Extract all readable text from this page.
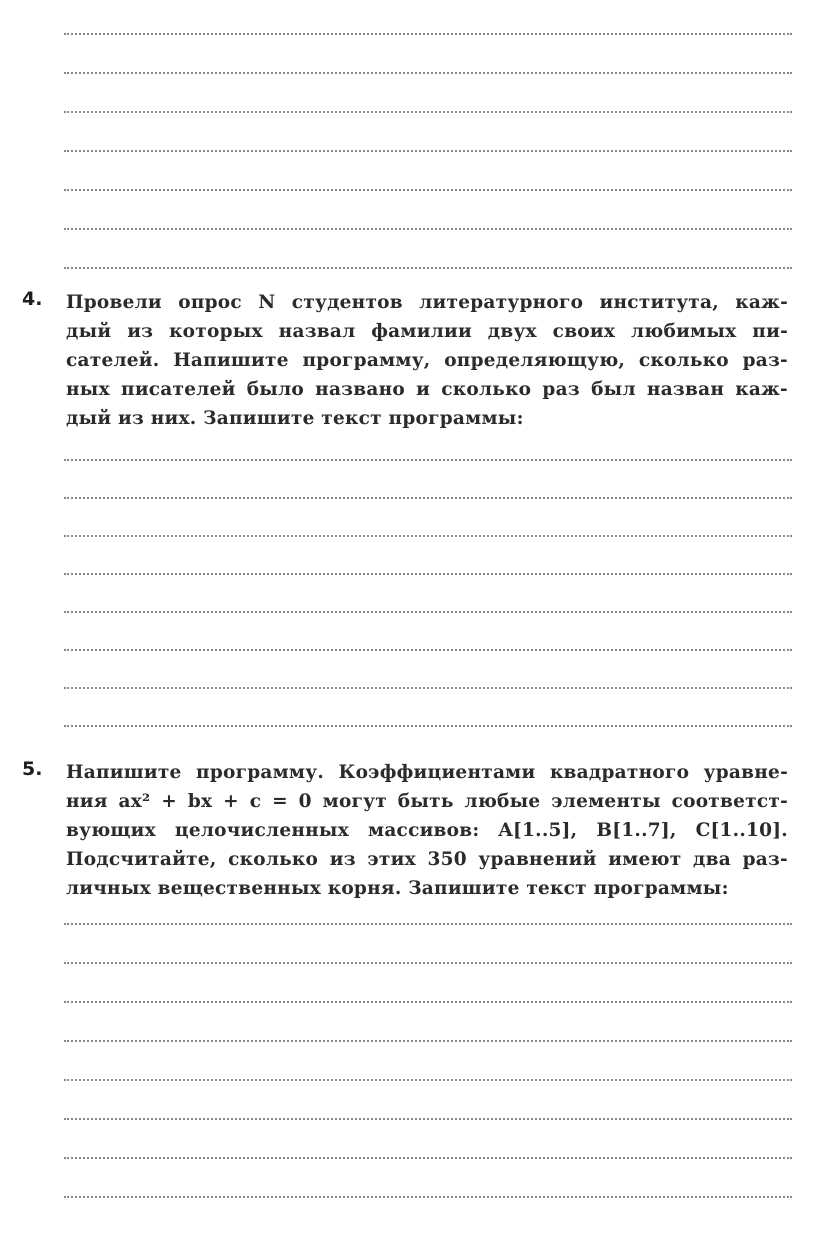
4. Провели опрос N студентов литературного института, каж-
дый из которых назвал фамилии двух своих любимых пи-
сателей. Напишите программу, определяющую, сколько раз-
ных писателей было названо и сколько раз был назван каж-
дый из них. Запишите текст программы:
5. Напишите программу. Коэффициентами квадратного уравне-
ния ax² + bx + c = 0 могут быть любые элементы соответст-
вующих целочисленных массивов: A[1..5], B[1..7], C[1..10].
Подсчитайте, сколько из этих 350 уравнений имеют два раз-
личных вещественных корня. Запишите текст программы:
